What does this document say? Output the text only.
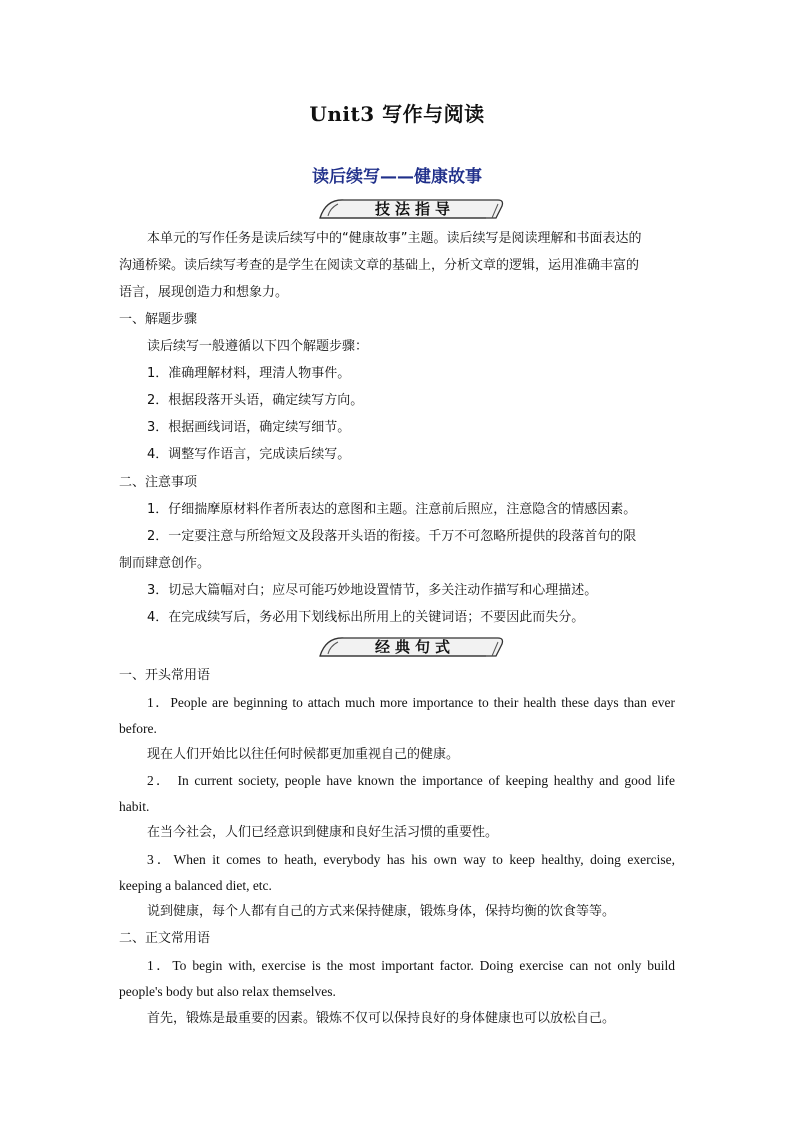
Unit3 写作与阅读
读后续写——健康故事
技法指导
本单元的写作任务是读后续写中的“健康故事”主题。读后续写是阅读理解和书面表达的
沟通桥梁。读后续写考查的是学生在阅读文章的基础上，分析文章的逻辑，运用准确丰富的
语言，展现创造力和想象力。
一、解题步骤
读后续写一般遵循以下四个解题步骤：
1．准确理解材料，理清人物事件。
2．根据段落开头语，确定续写方向。
3．根据画线词语，确定续写细节。
4．调整写作语言，完成读后续写。
二、注意事项
1．仔细揣摩原材料作者所表达的意图和主题。注意前后照应，注意隐含的情感因素。
2．一定要注意与所给短文及段落开头语的衔接。千万不可忽略所提供的段落首句的限
制而肆意创作。
3．切忌大篇幅对白；应尽可能巧妙地设置情节，多关注动作描写和心理描述。
4．在完成续写后，务必用下划线标出所用上的关键词语；不要因此而失分。
经典句式
一、开头常用语
1．People are beginning to attach much more importance to their health these days than ever
before.
现在人们开始比以往任何时候都更加重视自己的健康。
2． In current society, people have known the importance of keeping healthy and good life
habit.
在当今社会，人们已经意识到健康和良好生活习惯的重要性。
3．When it comes to heath, everybody has his own way to keep healthy, doing exercise,
keeping a balanced diet, etc.
说到健康，每个人都有自己的方式来保持健康，锻炼身体，保持均衡的饮食等等。
二、正文常用语
1．To begin with, exercise is the most important factor. Doing exercise can not only build
people's body but also relax themselves.
首先，锻炼是最重要的因素。锻炼不仅可以保持良好的身体健康也可以放松自己。
